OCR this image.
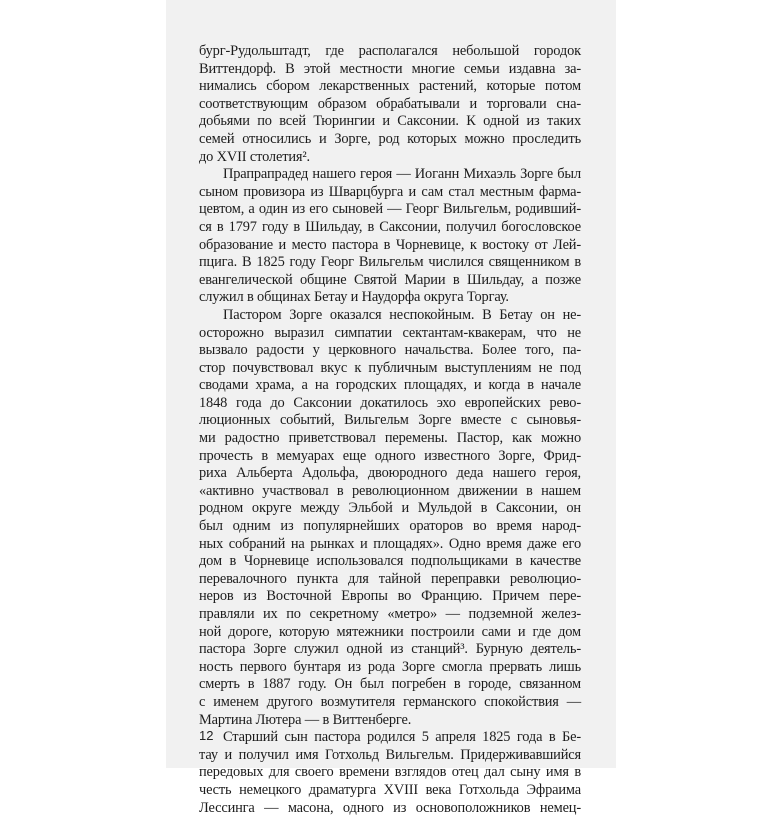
бург-Рудольштадт, где располагался небольшой городок
Виттендорф. В этой местности многие семьи издавна за-
нимались сбором лекарственных растений, которые потом
соответствующим образом обрабатывали и торговали сна-
добьями по всей Тюрингии и Саксонии. К одной из таких
семей относились и Зорге, род которых можно проследить
до XVII столетия².
Прапрапрадед нашего героя — Иоганн Михаэль Зорге был
сыном провизора из Шварцбурга и сам стал местным фарма-
цевтом, а один из его сыновей — Георг Вильгельм, родивший-
ся в 1797 году в Шильдау, в Саксонии, получил богословское
образование и место пастора в Чорневице, к востоку от Лей-
пцига. В 1825 году Георг Вильгельм числился священником в
евангелической общине Святой Марии в Шильдау, а позже
служил в общинах Бетау и Наудорфа округа Торгау.
Пастором Зорге оказался неспокойным. В Бетау он не-
осторожно выразил симпатии сектантам-квакерам, что не
вызвало радости у церковного начальства. Более того, па-
стор почувствовал вкус к публичным выступлениям не под
сводами храма, а на городских площадях, и когда в начале
1848 года до Саксонии докатилось эхо европейских рево-
люционных событий, Вильгельм Зорге вместе с сыновья-
ми радостно приветствовал перемены. Пастор, как можно
прочесть в мемуарах еще одного известного Зорге, Фрид-
риха Альберта Адольфа, двоюродного деда нашего героя,
«активно участвовал в революционном движении в нашем
родном округе между Эльбой и Мульдой в Саксонии, он
был одним из популярнейших ораторов во время народ-
ных собраний на рынках и площадях». Одно время даже его
дом в Чорневице использовался подпольщиками в качестве
перевалочного пункта для тайной переправки революцио-
неров из Восточной Европы во Францию. Причем пере-
правляли их по секретному «метро» — подземной желез-
ной дороге, которую мятежники построили сами и где дом
пастора Зорге служил одной из станций³. Бурную деятель-
ность первого бунтаря из рода Зорге смогла прервать лишь
смерть в 1887 году. Он был погребен в городе, связанном
с именем другого возмутителя германского спокойствия —
Мартина Лютера — в Виттенберге.
Старший сын пастора родился 5 апреля 1825 года в Бе-
тау и получил имя Готхольд Вильгельм. Придерживавшийся
передовых для своего времени взглядов отец дал сыну имя в
честь немецкого драматурга XVIII века Готхольда Эфраима
Лессинга — масона, одного из основоположников немец-
12
